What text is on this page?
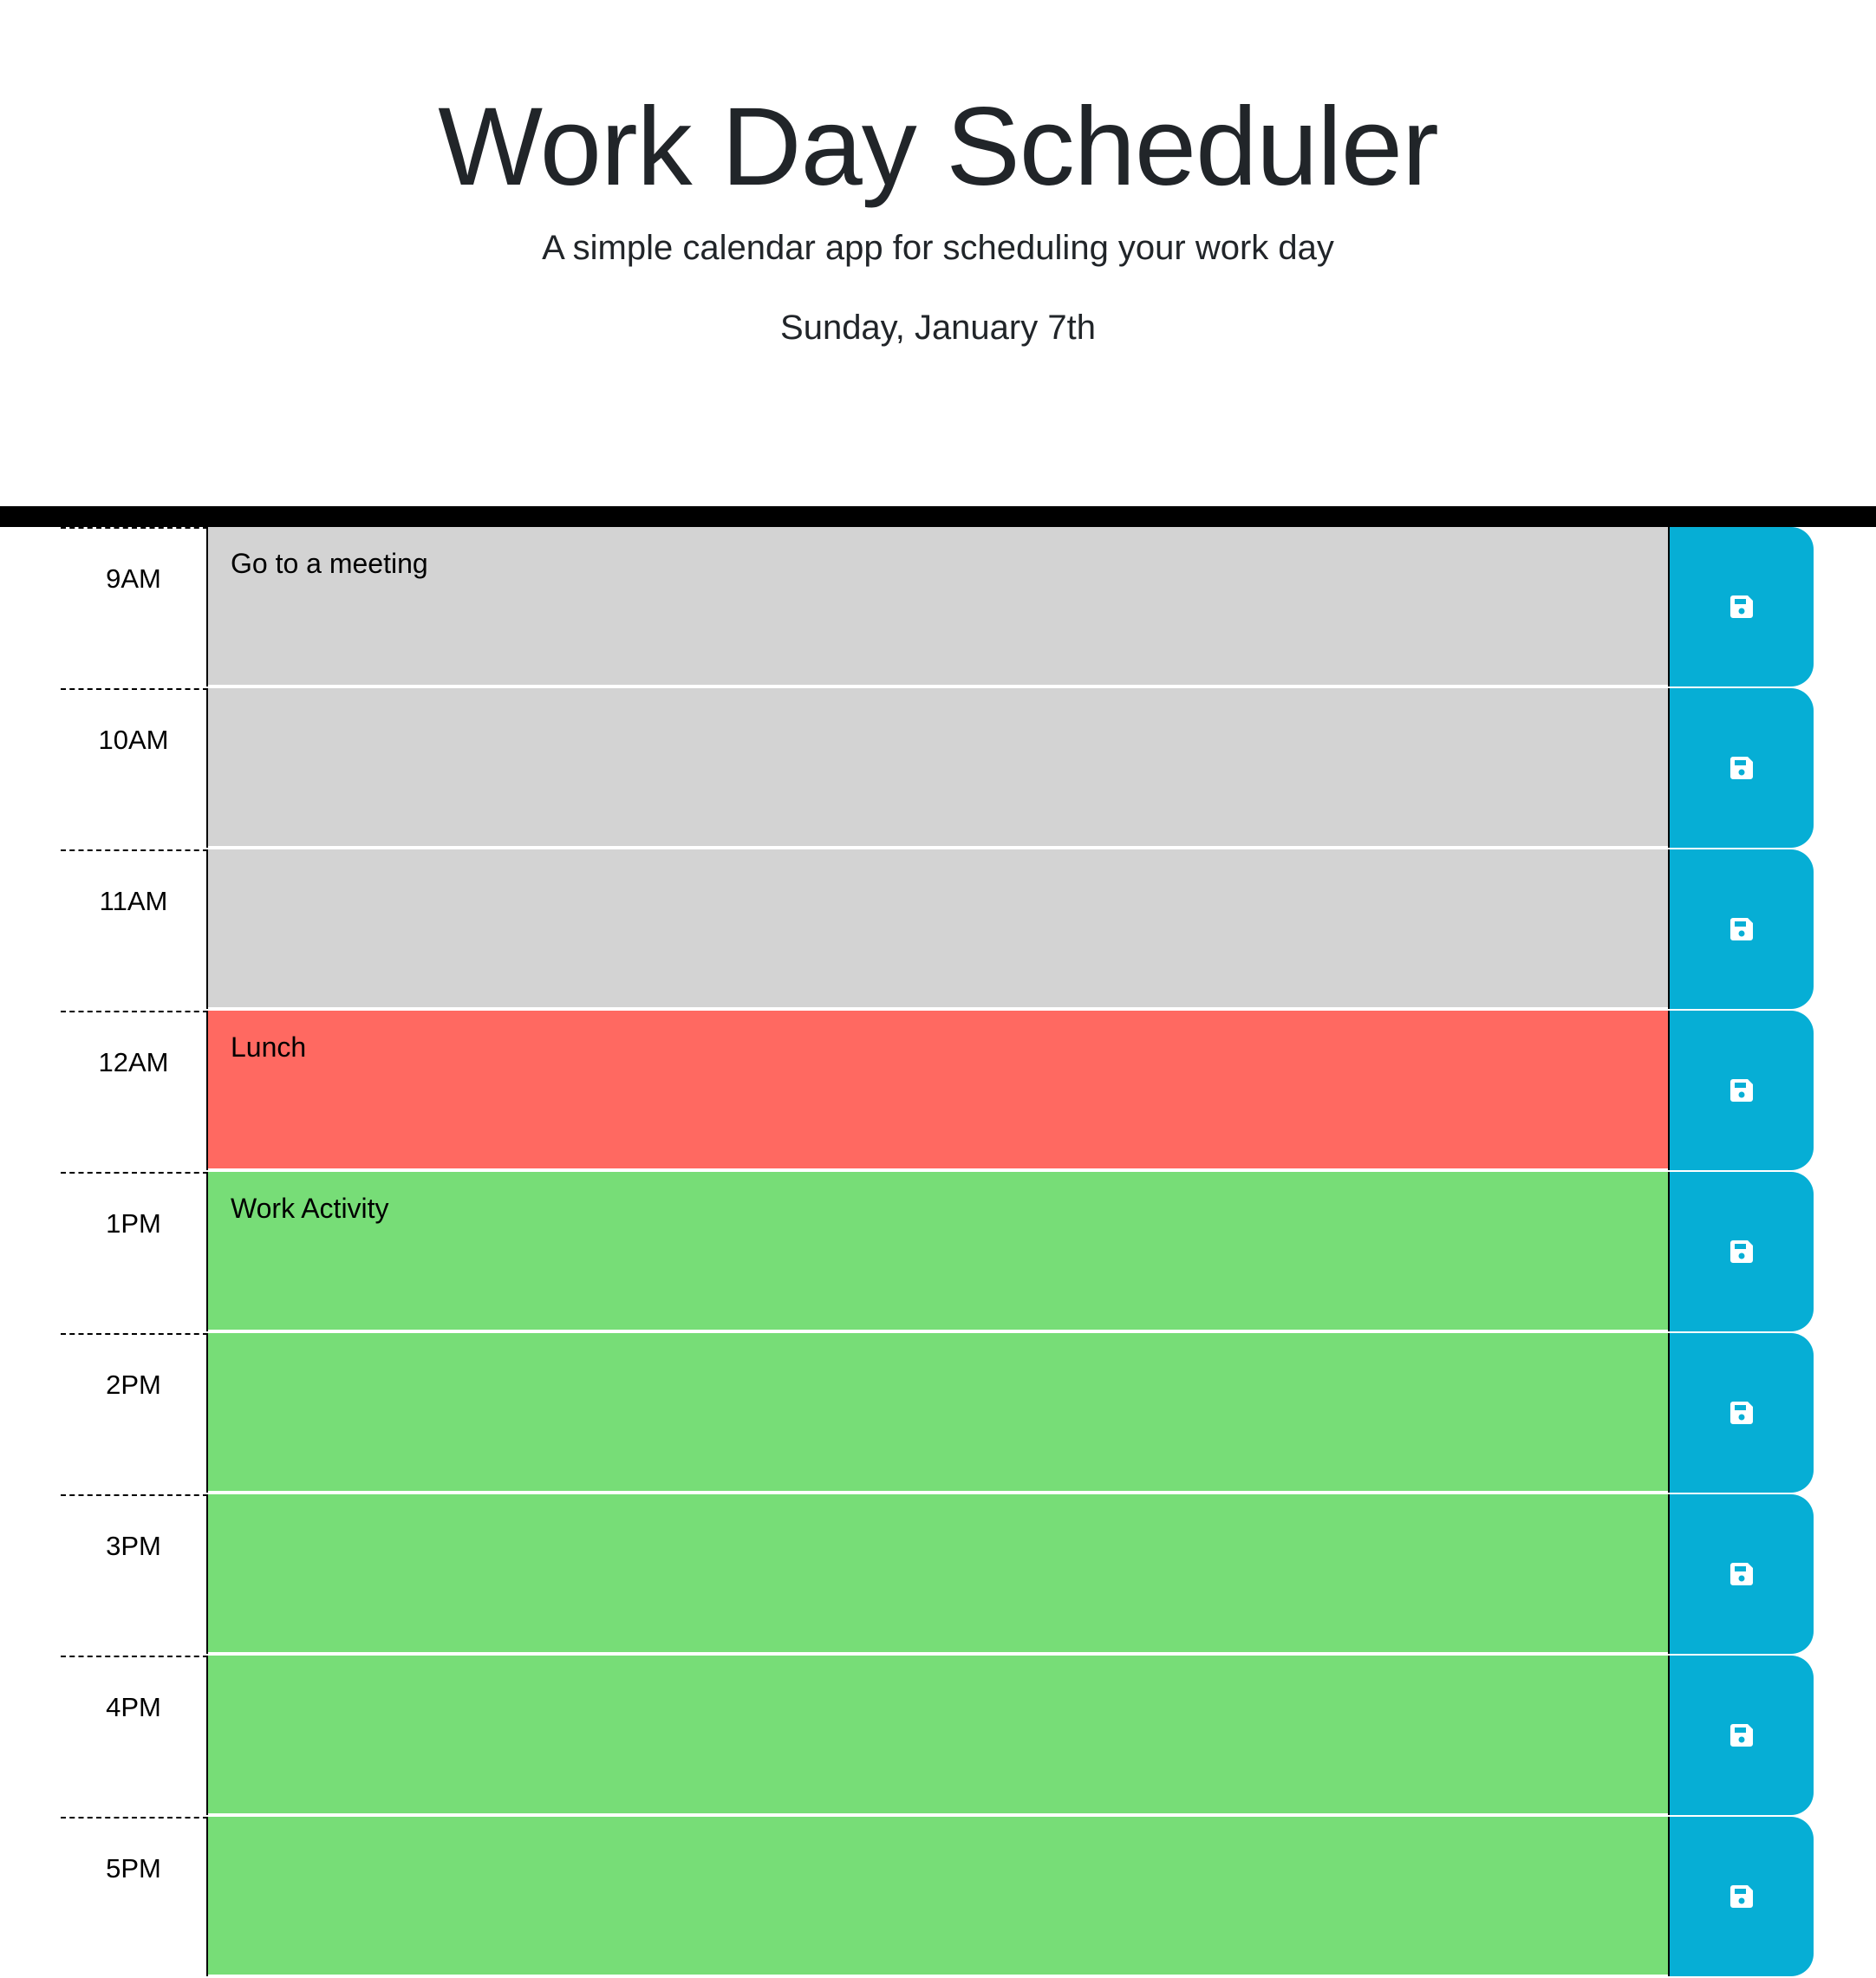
Work Day Scheduler

A simple calendar app for scheduling your work day

Sunday, January 7th

9AM
Go to a meeting
10AM
11AM
12AM
Lunch
1PM
Work Activity
2PM
3PM
4PM
5PM
